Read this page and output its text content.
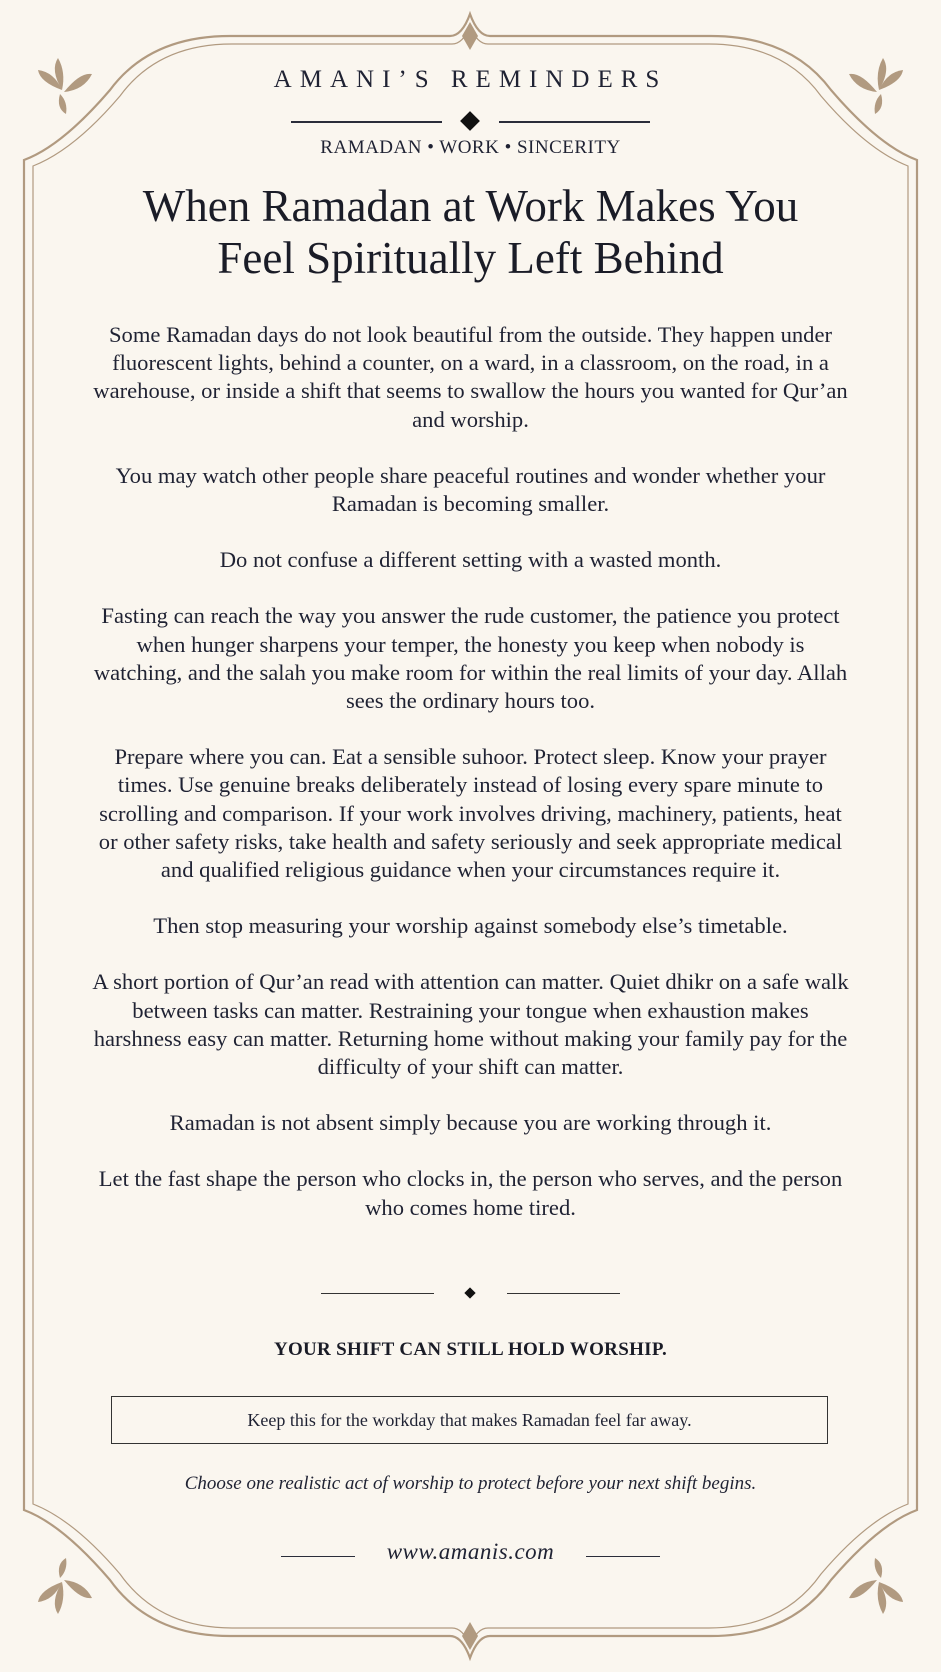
AMANI’S REMINDERS
RAMADAN • WORK • SINCERITY
When Ramadan at Work Makes You
Feel Spiritually Left Behind

Some Ramadan days do not look beautiful from the outside. They happen under fluorescent lights, behind a counter, on a ward, in a classroom, on the road, in a warehouse, or inside a shift that seems to swallow the hours you wanted for Qur’an and worship.

You may watch other people share peaceful routines and wonder whether your Ramadan is becoming smaller.

Do not confuse a different setting with a wasted month.

Fasting can reach the way you answer the rude customer, the patience you protect when hunger sharpens your temper, the honesty you keep when nobody is watching, and the salah you make room for within the real limits of your day. Allah sees the ordinary hours too.

Prepare where you can. Eat a sensible suhoor. Protect sleep. Know your prayer times. Use genuine breaks deliberately instead of losing every spare minute to scrolling and comparison. If your work involves driving, machinery, patients, heat or other safety risks, take health and safety seriously and seek appropriate medical and qualified religious guidance when your circumstances require it.

Then stop measuring your worship against somebody else’s timetable.

A short portion of Qur’an read with attention can matter. Quiet dhikr on a safe walk between tasks can matter. Restraining your tongue when exhaustion makes harshness easy can matter. Returning home without making your family pay for the difficulty of your shift can matter.

Ramadan is not absent simply because you are working through it.

Let the fast shape the person who clocks in, the person who serves, and the person who comes home tired.

YOUR SHIFT CAN STILL HOLD WORSHIP.
Keep this for the workday that makes Ramadan feel far away.
Choose one realistic act of worship to protect before your next shift begins.
www.amanis.com
